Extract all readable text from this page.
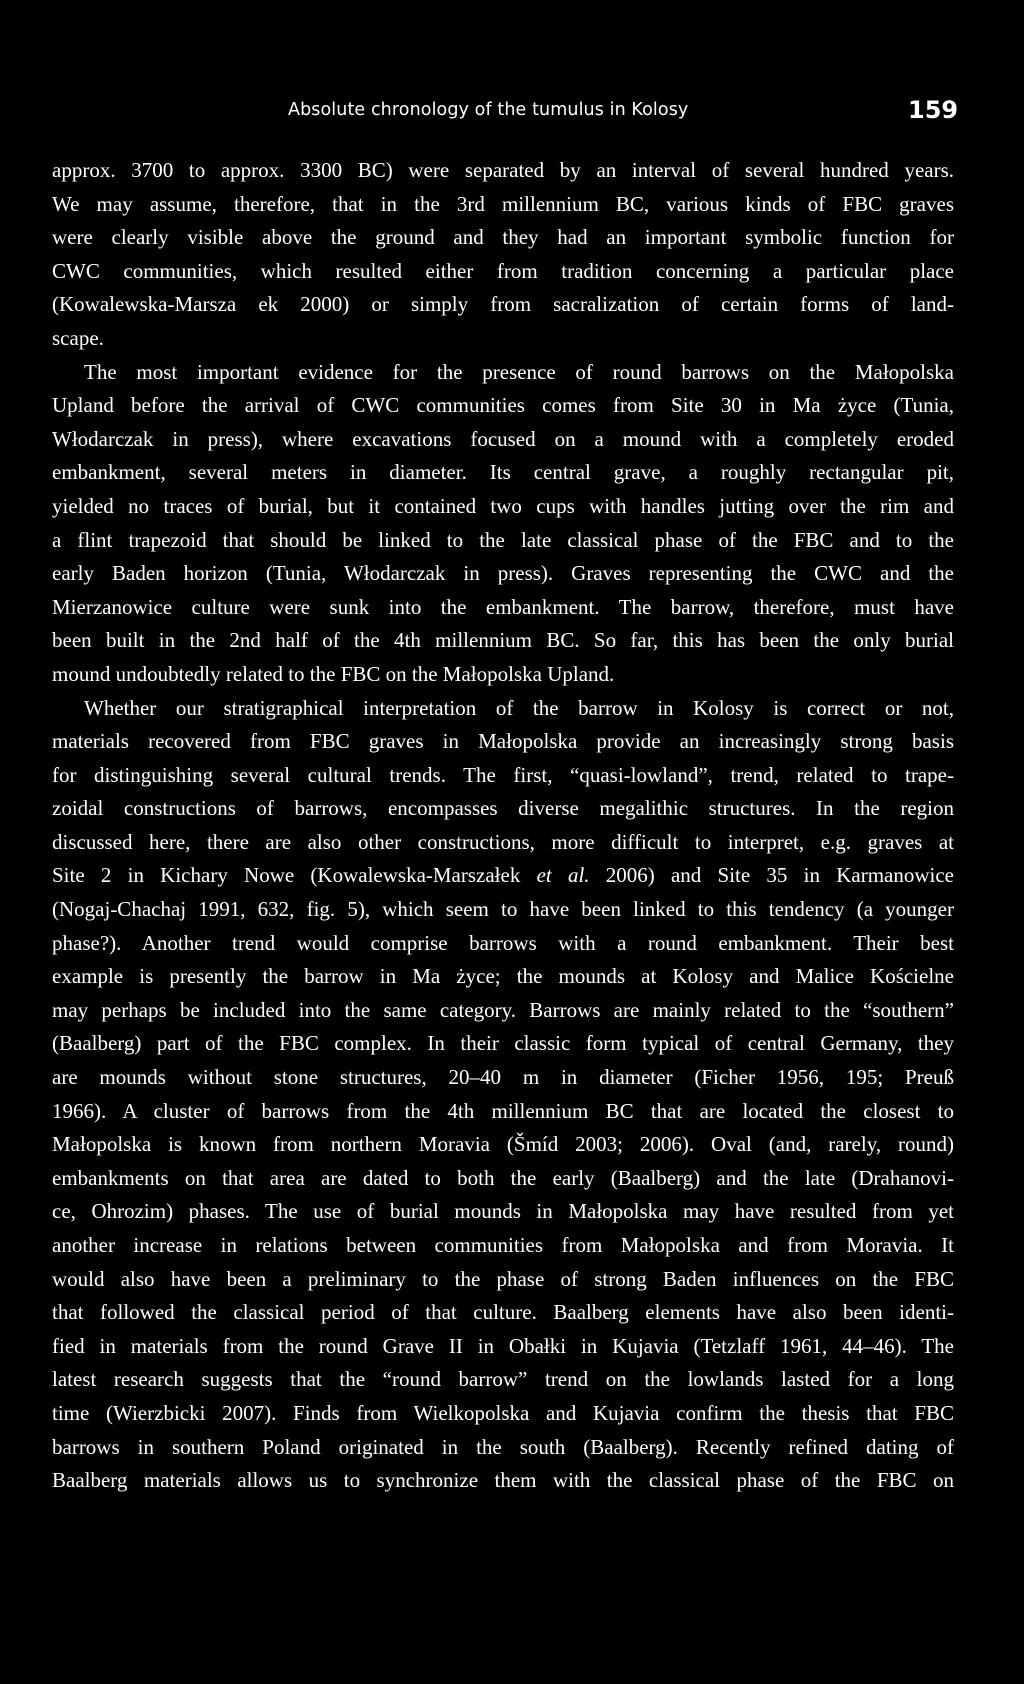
Absolute chronology of the tumulus in Kolosy	159

approx. 3700 to approx. 3300 BC) were separated by an interval of several hundred years.
We may assume, therefore, that in the 3rd millennium BC, various kinds of FBC graves
were clearly visible above the ground and they had an important symbolic function for
CWC communities, which resulted either from tradition concerning a particular place
(Kowalewska-Marsza ek 2000) or simply from sacralization of certain forms of land-
scape.

The most important evidence for the presence of round barrows on the Małopolska
Upland before the arrival of CWC communities comes from Site 30 in Ma życe (Tunia,
Włodarczak in press), where excavations focused on a mound with a completely eroded
embankment, several meters in diameter. Its central grave, a roughly rectangular pit,
yielded no traces of burial, but it contained two cups with handles jutting over the rim and
a flint trapezoid that should be linked to the late classical phase of the FBC and to the
early Baden horizon (Tunia, Włodarczak in press). Graves representing the CWC and the
Mierzanowice culture were sunk into the embankment. The barrow, therefore, must have
been built in the 2nd half of the 4th millennium BC. So far, this has been the only burial
mound undoubtedly related to the FBC on the Małopolska Upland.

Whether our stratigraphical interpretation of the barrow in Kolosy is correct or not,
materials recovered from FBC graves in Małopolska provide an increasingly strong basis
for distinguishing several cultural trends. The first, “quasi-lowland”, trend, related to trape-
zoidal constructions of barrows, encompasses diverse megalithic structures. In the region
discussed here, there are also other constructions, more difficult to interpret, e.g. graves at
Site 2 in Kichary Nowe (Kowalewska-Marszałek et al. 2006) and Site 35 in Karmanowice
(Nogaj-Chachaj 1991, 632, fig. 5), which seem to have been linked to this tendency (a younger
phase?). Another trend would comprise barrows with a round embankment. Their best
example is presently the barrow in Ma życe; the mounds at Kolosy and Malice Kościelne
may perhaps be included into the same category. Barrows are mainly related to the “southern”
(Baalberg) part of the FBC complex. In their classic form typical of central Germany, they
are mounds without stone structures, 20–40 m in diameter (Ficher 1956, 195; Preuß
1966). A cluster of barrows from the 4th millennium BC that are located the closest to
Małopolska is known from northern Moravia (Šmíd 2003; 2006). Oval (and, rarely, round)
embankments on that area are dated to both the early (Baalberg) and the late (Drahanovi-
ce, Ohrozim) phases. The use of burial mounds in Małopolska may have resulted from yet
another increase in relations between communities from Małopolska and from Moravia. It
would also have been a preliminary to the phase of strong Baden influences on the FBC
that followed the classical period of that culture. Baalberg elements have also been identi-
fied in materials from the round Grave II in Obałki in Kujavia (Tetzlaff 1961, 44–46). The
latest research suggests that the “round barrow” trend on the lowlands lasted for a long
time (Wierzbicki 2007). Finds from Wielkopolska and Kujavia confirm the thesis that FBC
barrows in southern Poland originated in the south (Baalberg). Recently refined dating of
Baalberg materials allows us to synchronize them with the classical phase of the FBC on
